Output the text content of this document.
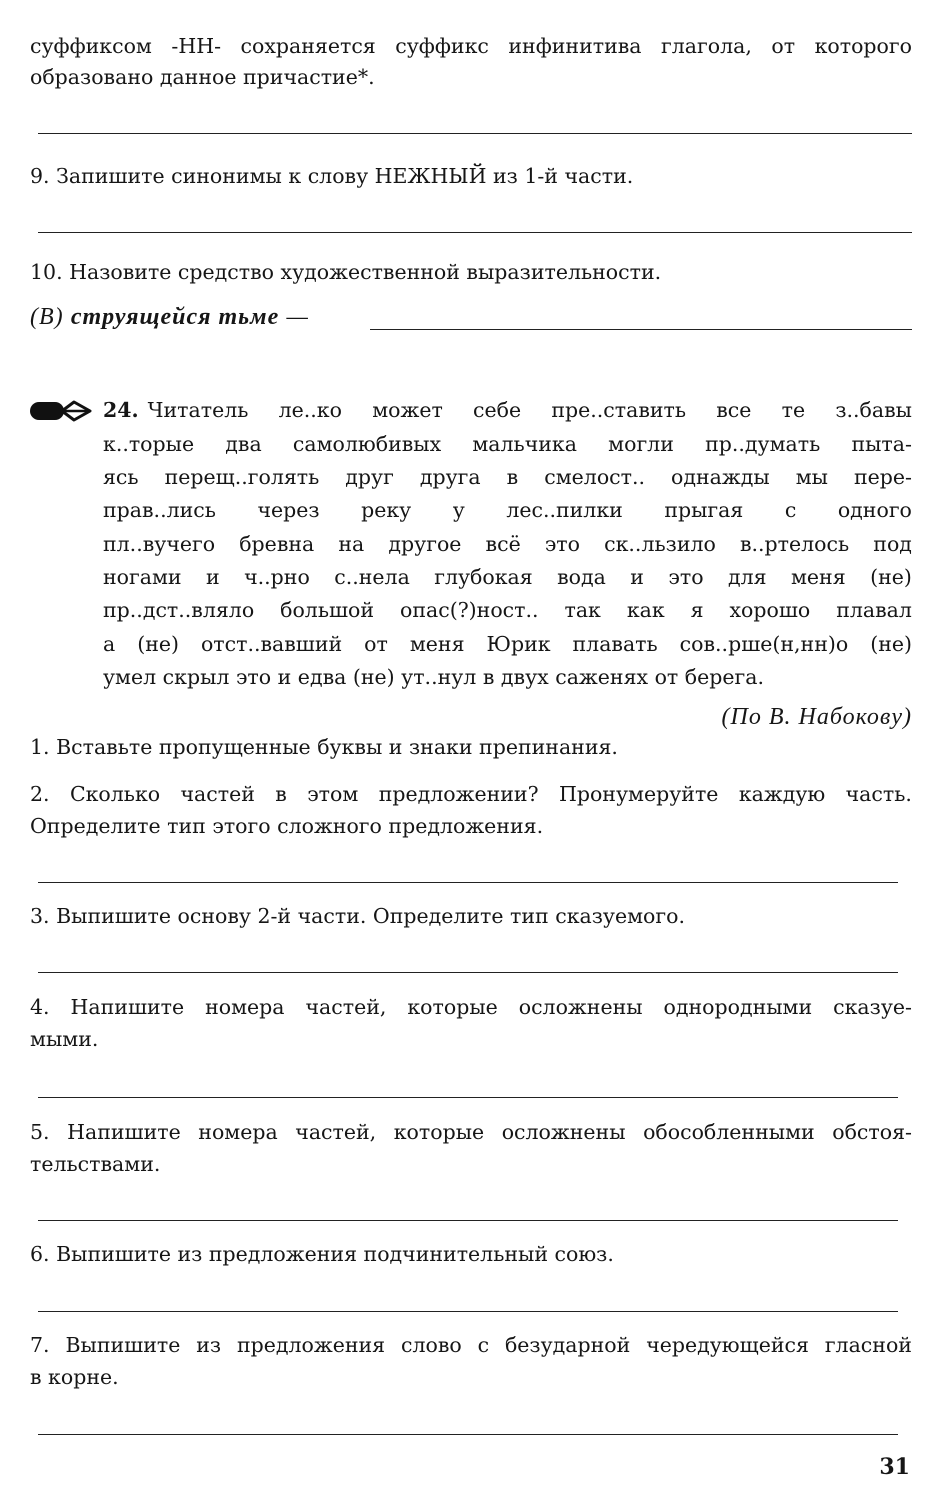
суффиксом -НН- сохраняется суффикс инфинитива глагола, от которого
образовано данное причастие*.
9. Запишите синонимы к слову НЕЖНЫЙ из 1-й части.
10. Назовите средство художественной выразительности.
(В) струящейся тьме —
24. Читатель ле..ко может себе пре..ставить все те з..бавы
к..торые два самолюбивых мальчика могли пр..думать пыта-
ясь перещ..голять друг друга в смелост.. однажды мы пере-
прав..лись через реку у лес..пилки прыгая с одного
пл..вучего бревна на другое всё это ск..льзило в..ртелось под
ногами и ч..рно с..нела глубокая вода и это для меня (не)
пр..дст..вляло большой опас(?)ност.. так как я хорошо плавал
а (не) отст..вавший от меня Юрик плавать сов..рше(н,нн)о (не)
умел скрыл это и едва (не) ут..нул в двух саженях от берега.
(По В. Набокову)
1. Вставьте пропущенные буквы и знаки препинания.
2. Сколько частей в этом предложении? Пронумеруйте каждую часть.
Определите тип этого сложного предложения.
3. Выпишите основу 2-й части. Определите тип сказуемого.
4. Напишите номера частей, которые осложнены однородными сказуе-
мыми.
5. Напишите номера частей, которые осложнены обособленными обстоя-
тельствами.
6. Выпишите из предложения подчинительный союз.
7. Выпишите из предложения слово с безударной чередующейся гласной
в корне.
31
